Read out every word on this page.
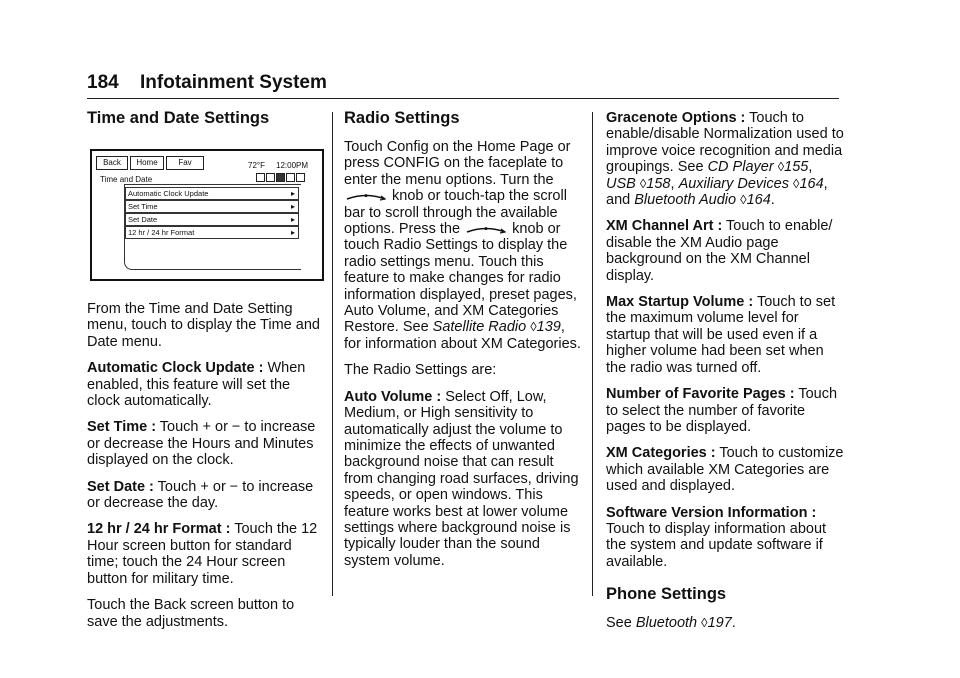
184 Infotainment System
Time and Date Settings
Back	Home	Fav	72°F 12:00PM
Time and Date
Automatic Clock Update	▸
Set Time	▸
Set Date	▸
12 hr / 24 hr Format	▸

From the Time and Date Setting menu, touch to display the Time and Date menu.

Automatic Clock Update : When enabled, this feature will set the clock automatically.

Set Time : Touch + or − to increase or decrease the Hours and Minutes displayed on the clock.

Set Date : Touch + or − to increase or decrease the day.

12 hr / 24 hr Format : Touch the 12 Hour screen button for standard time; touch the 24 Hour screen button for military time.

Touch the Back screen button to save the adjustments.

Radio Settings

Touch Config on the Home Page or press CONFIG on the faceplate to enter the menu options. Turn the  knob or touch-tap the scroll bar to scroll through the available options. Press the	knob or touch Radio Settings to display the radio settings menu. Touch this feature to make changes for radio information displayed, preset pages, Auto Volume, and XM Categories Restore. See Satellite Radio ◊139, for information about XM Categories.

The Radio Settings are:

Auto Volume : Select Off, Low, Medium, or High sensitivity to automatically adjust the volume to minimize the effects of unwanted background noise that can result from changing road surfaces, driving speeds, or open windows. This feature works best at lower volume settings where background noise is typically louder than the sound system volume.

Gracenote Options : Touch to enable/disable Normalization used to improve voice recognition and media groupings. See CD Player ◊155, USB ◊158, Auxiliary Devices ◊164, and Bluetooth Audio ◊164.

XM Channel Art : Touch to enable/ disable the XM Audio page background on the XM Channel display.

Max Startup Volume : Touch to set the maximum volume level for startup that will be used even if a higher volume had been set when the radio was turned off.

Number of Favorite Pages : Touch to select the number of favorite pages to be displayed.

XM Categories : Touch to customize which available XM Categories are used and displayed.

Software Version Information :
Touch to display information about the system and update software if available.

Phone Settings

See Bluetooth ◊197.
